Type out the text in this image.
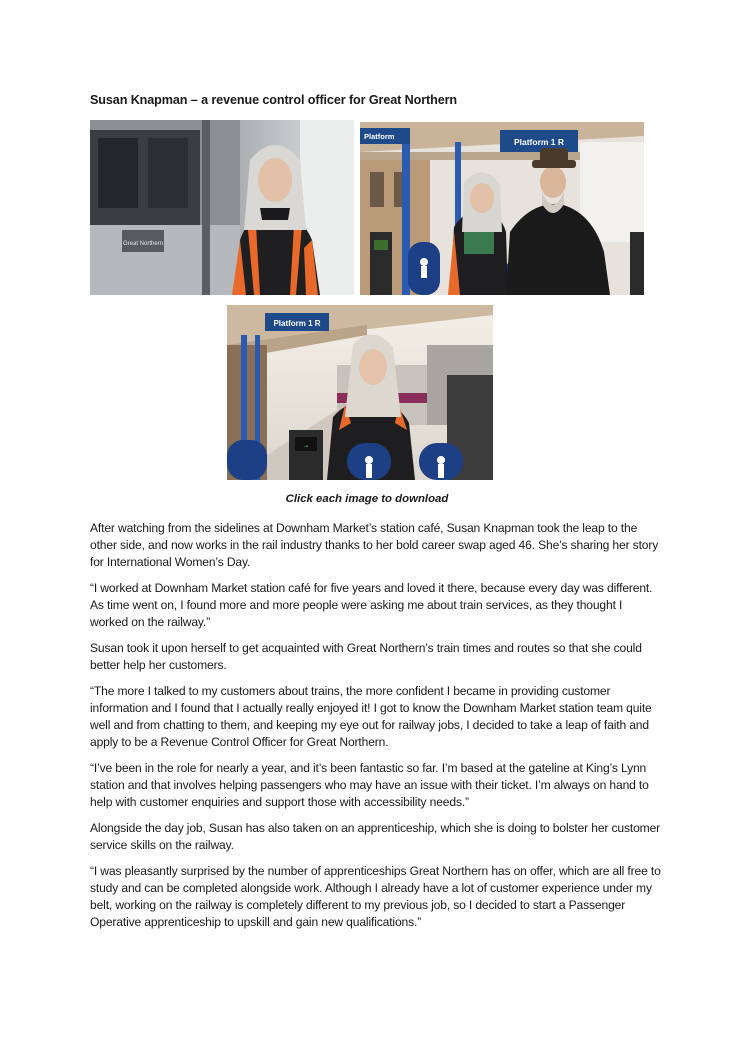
Susan Knapman – a revenue control officer for Great Northern
Great Northern
Platform
Platform 1 R
Platform 1 R
⇢
Click each image to download

After watching from the sidelines at Downham Market’s station café, Susan Knapman took the leap to the other side, and now works in the rail industry thanks to her bold career swap aged 46. She’s sharing her story for International Women’s Day.

“I worked at Downham Market station café for five years and loved it there, because every day was different. As time went on, I found more and more people were asking me about train services, as they thought I worked on the railway.”

Susan took it upon herself to get acquainted with Great Northern’s train times and routes so that she could better help her customers.

“The more I talked to my customers about trains, the more confident I became in providing customer information and I found that I actually really enjoyed it! I got to know the Downham Market station team quite well and from chatting to them, and keeping my eye out for railway jobs, I decided to take a leap of faith and apply to be a Revenue Control Officer for Great Northern.

“I’ve been in the role for nearly a year, and it’s been fantastic so far. I’m based at the gateline at King’s Lynn station and that involves helping passengers who may have an issue with their ticket. I’m always on hand to help with customer enquiries and support those with accessibility needs.”

Alongside the day job, Susan has also taken on an apprenticeship, which she is doing to bolster her customer service skills on the railway.

“I was pleasantly surprised by the number of apprenticeships Great Northern has on offer, which are all free to study and can be completed alongside work. Although I already have a lot of customer experience under my belt, working on the railway is completely different to my previous job, so I decided to start a Passenger Operative apprenticeship to upskill and gain new qualifications.”
